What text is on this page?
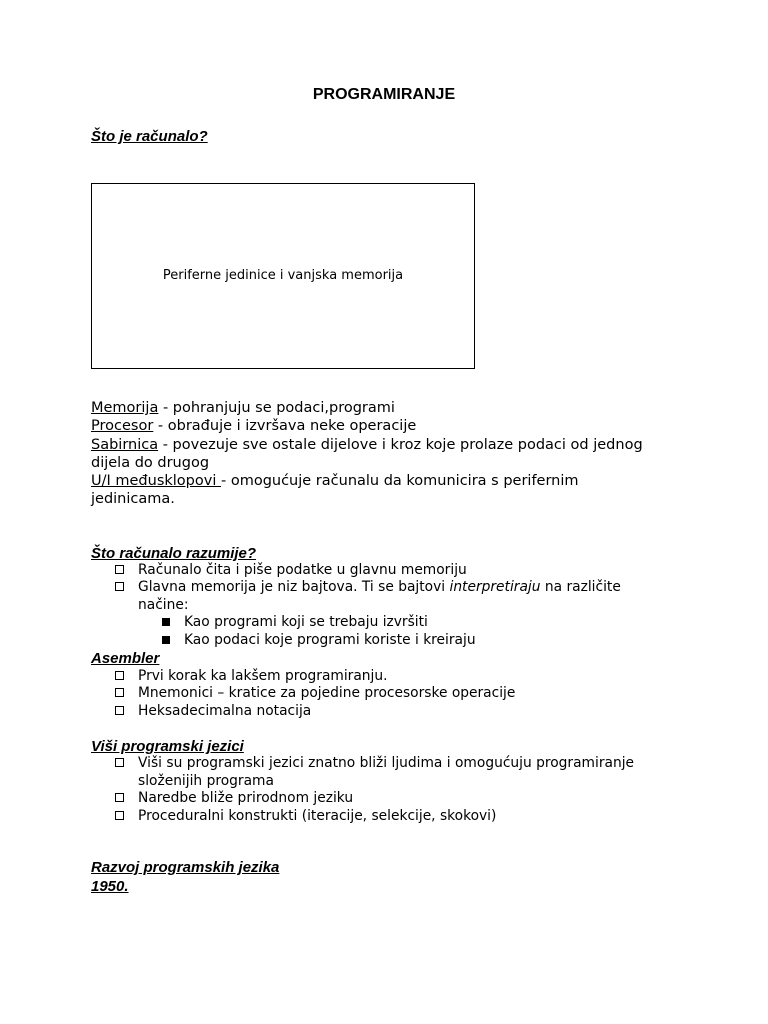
PROGRAMIRANJE
Što je računalo?
Periferne jedinice i vanjska memorija
Memorija - pohranjuju se podaci,programi
Procesor - obrađuje i izvršava neke operacije
Sabirnica - povezuje sve ostale dijelove i kroz koje prolaze podaci od jednog dijela do drugog
U/I međusklopovi - omogućuje računalu da komunicira s perifernim jedinicama.
Što računalo razumije?
Računalo čita i piše podatke u glavnu memoriju
Glavna memorija je niz bajtova. Ti se bajtovi interpretiraju na različite načine:
Kao programi koji se trebaju izvršiti
Kao podaci koje programi koriste i kreiraju
Asembler
Prvi korak ka lakšem programiranju.
Mnemonici – kratice za pojedine procesorske operacije
Heksadecimalna notacija
Viši programski jezici
Viši su programski jezici znatno bliži ljudima i omogućuju programiranje složenijih programa
Naredbe bliže prirodnom jeziku
Proceduralni konstrukti (iteracije, selekcije, skokovi)
Razvoj programskih jezika
1950.
